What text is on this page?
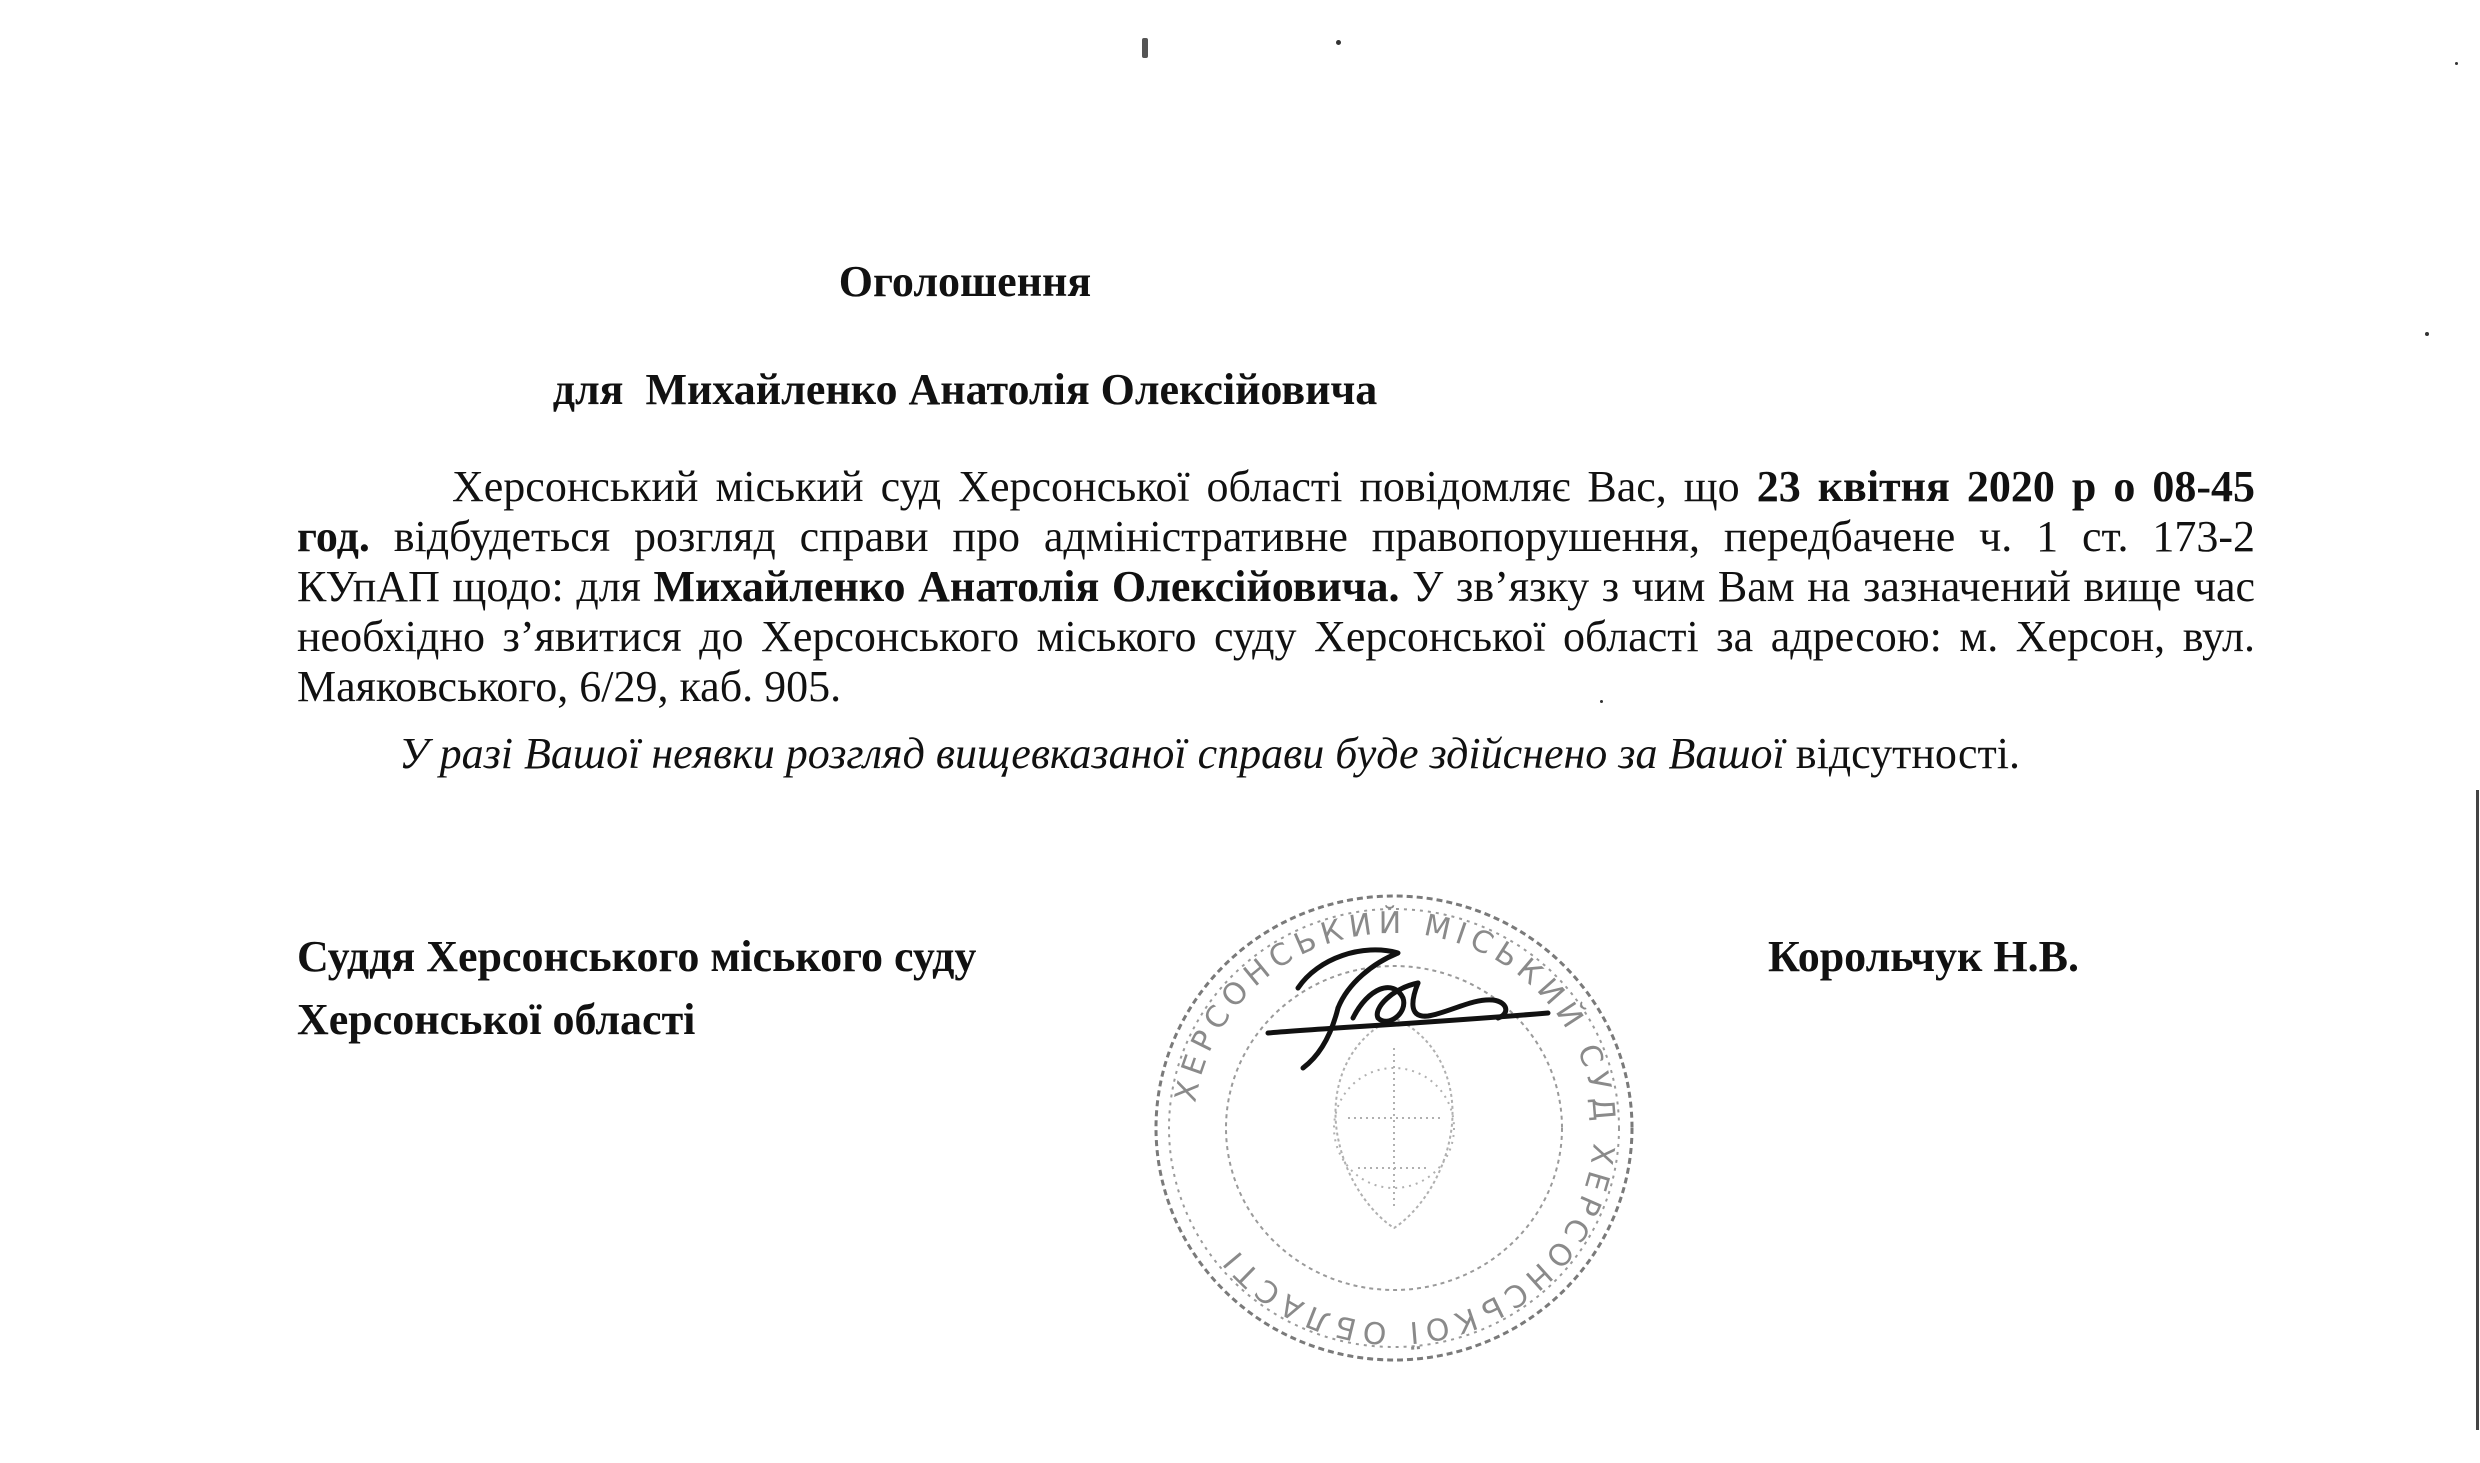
Оголошення
для  Михайленко Анатолія Олексійовича

Херсонський міський суд Херсонської області повідомляє Вас, що 23 квітня 2020 р о 08-45 год. відбудеться розгляд справи про адміністративне правопорушення, передбачене ч. 1 ст. 173-2 КУпАП щодо: для Михайленко Анатолія Олексійовича. У зв’язку з чим Вам на зазначений вище час необхідно з’явитися до Херсонського міського суду Херсонської області за адресою: м. Херсон, вул. Маяковського, 6/29, каб. 905.

У разі Вашої неявки розгляд вищевказаної справи буде здійснено за Вашої відсутності.

Суддя Херсонського міського суду
Херсонської області
Корольчук Н.В.
ХЕРСОНСЬКИЙ МІСЬКИЙ СУД ХЕРСОНСЬКОЇ ОБЛАСТІ
